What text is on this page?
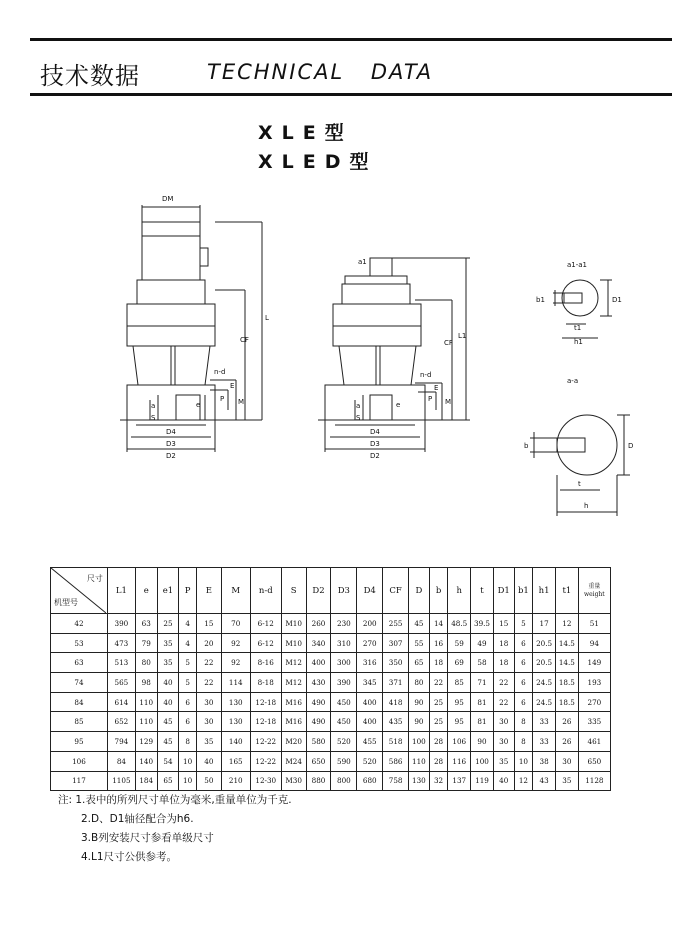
技术数据	TECHNICAL DATA
XLE型
XLED型
DM
L
CF
n-d
E
P M
e
a
S
D4
D3
D2
a1
L1
CF
n-d
E
P M
e
a
S
D4
D3
D2
a1-a1
b1	D1
t1
h1
a-a
b	D
t
h
尺寸
机型号	L1	e	e1	P	E	M	n-d	S	D2	D3	D4	CF	D	b	h	t	D1	b1	h1	t1	重量weight
42	390	63	25	4	15	70	6-12	M10	260	230	200	255	45	14	48.5	39.5	15	5	17	12	51
53	473	79	35	4	20	92	6-12	M10	340	310	270	307	55	16	59	49	18	6	20.5	14.5	94
63	513	80	35	5	22	92	8-16	M12	400	300	316	350	65	18	69	58	18	6	20.5	14.5	149
74	565	98	40	5	22	114	8-18	M12	430	390	345	371	80	22	85	71	22	6	24.5	18.5	193
84	614	110	40	6	30	130	12-18	M16	490	450	400	418	90	25	95	81	22	6	24.5	18.5	270
85	652	110	45	6	30	130	12-18	M16	490	450	400	435	90	25	95	81	30	8	33	26	335
95	794	129	45	8	35	140	12-22	M20	580	520	455	518	100	28	106	90	30	8	33	26	461
106	84	140	54	10	40	165	12-22	M24	650	590	520	586	110	28	116	100	35	10	38	30	650
117	1105	184	65	10	50	210	12-30	M30	880	800	680	758	130	32	137	119	40	12	43	35	1128
注: 1.表中的所列尺寸单位为毫米,重量单位为千克.
2.D、D1轴径配合为h6.
3.B列安装尺寸参看单级尺寸
4.L1尺寸公供参考。
